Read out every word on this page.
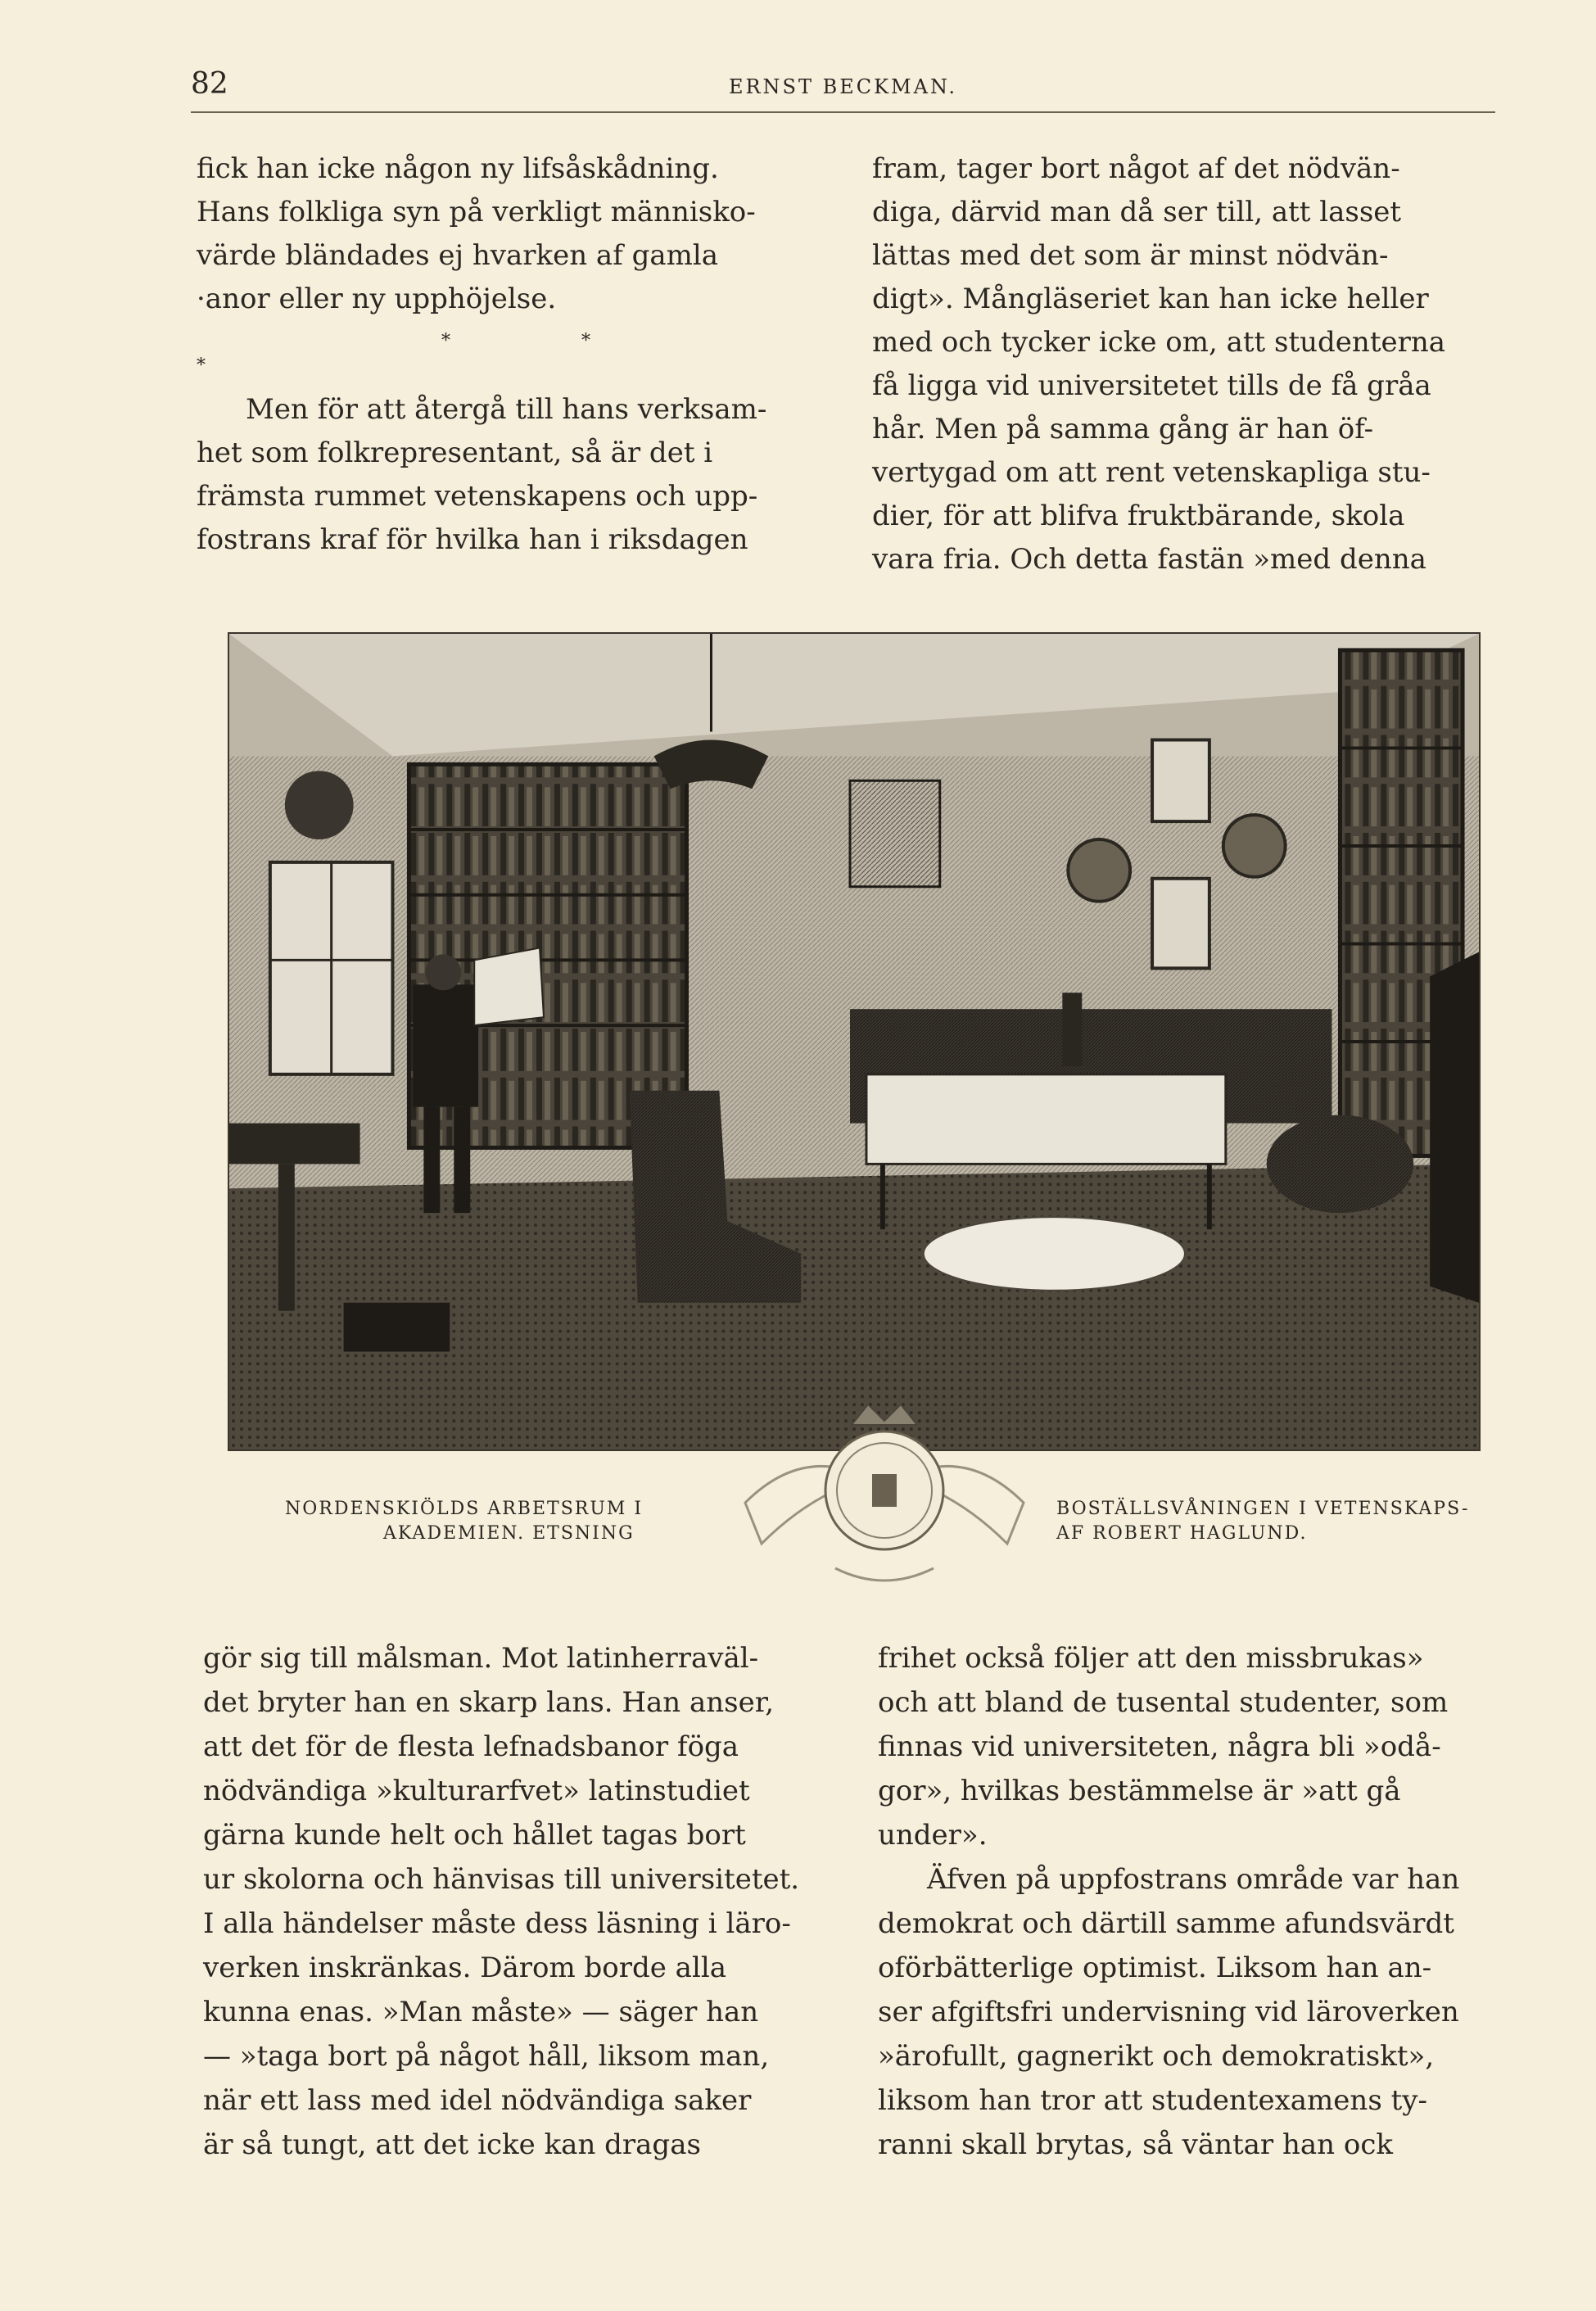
82	ERNST BECKMAN.

fick han icke någon ny lifsåskådning.

Hans folkliga syn på verkligt människo-

värde bländades ej hvarken af gamla

·anor eller ny upphöjelse.

*	*
*

Men för att återgå till hans verksam-

het som folkrepresentant, så är det i

främsta rummet vetenskapens och upp-

fostrans kraf för hvilka han i riksdagen

fram, tager bort något af det nödvän-

diga, därvid man då ser till, att lasset

lättas med det som är minst nödvän-

digt». Mångläseriet kan han icke heller

med och tycker icke om, att studenterna

få ligga vid universitetet tills de få gråa

hår. Men på samma gång är han öf-

vertygad om att rent vetenskapliga stu-

dier, för att blifva fruktbärande, skola

vara fria. Och detta fastän »med denna

NORDENSKIÖLDS ARBETSRUM I
AKADEMIEN. ETSNING
BOSTÄLLSVÅNINGEN I VETENSKAPS-
AF ROBERT HAGLUND.

gör sig till målsman. Mot latinherraväl-

det bryter han en skarp lans. Han anser,

att det för de flesta lefnadsbanor föga

nödvändiga »kulturarfvet» latinstudiet

gärna kunde helt och hållet tagas bort

ur skolorna och hänvisas till universitetet.

I alla händelser måste dess läsning i läro-

verken inskränkas. Därom borde alla

kunna enas. »Man måste» — säger han

— »taga bort på något håll, liksom man,

när ett lass med idel nödvändiga saker

är så tungt, att det icke kan dragas

frihet också följer att den missbrukas»

och att bland de tusental studenter, som

finnas vid universiteten, några bli »odå-

gor», hvilkas bestämmelse är »att gå

under».

Äfven på uppfostrans område var han

demokrat och därtill samme afundsvärdt

oförbätterlige optimist. Liksom han an-

ser afgiftsfri undervisning vid läroverken

»ärofullt, gagnerikt och demokratiskt»,

liksom han tror att studentexamens ty-

ranni skall brytas, så väntar han ock
